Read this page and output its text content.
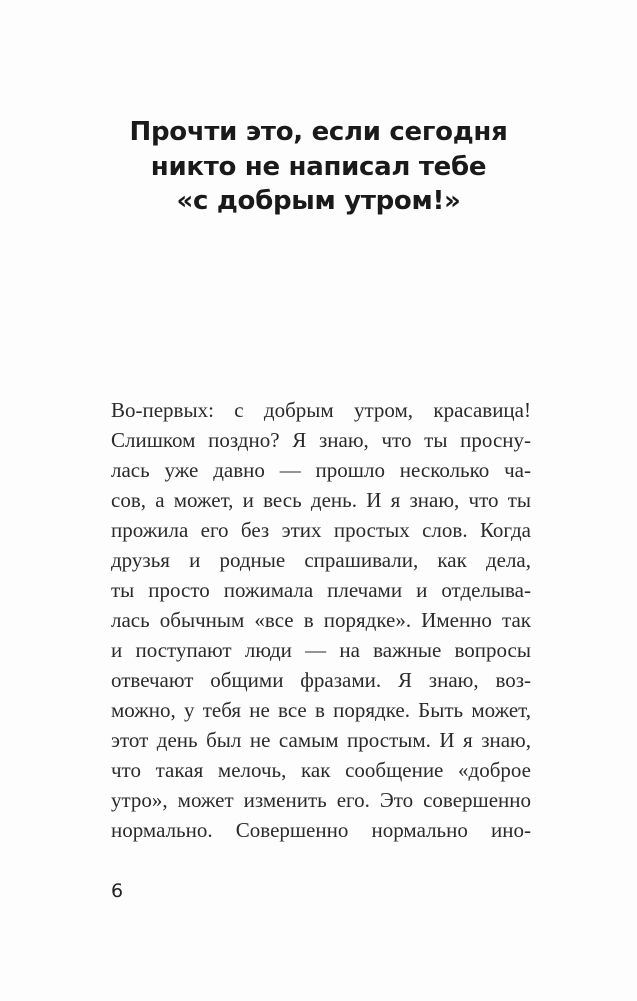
Прочти это, если сегодня
никто не написал тебе
«с добрым утром!»
Во-первых: с добрым утром, красавица!
Слишком поздно? Я знаю, что ты просну-
лась уже давно — прошло несколько ча-
сов, а может, и весь день. И я знаю, что ты
прожила его без этих простых слов. Когда
друзья и родные спрашивали, как дела,
ты просто пожимала плечами и отделыва-
лась обычным «все в порядке». Именно так
и поступают люди — на важные вопросы
отвечают общими фразами. Я знаю, воз-
можно, у тебя не все в порядке. Быть может,
этот день был не самым простым. И я знаю,
что такая мелочь, как сообщение «доброе
утро», может изменить его. Это совершенно
нормально. Совершенно нормально ино-
6
